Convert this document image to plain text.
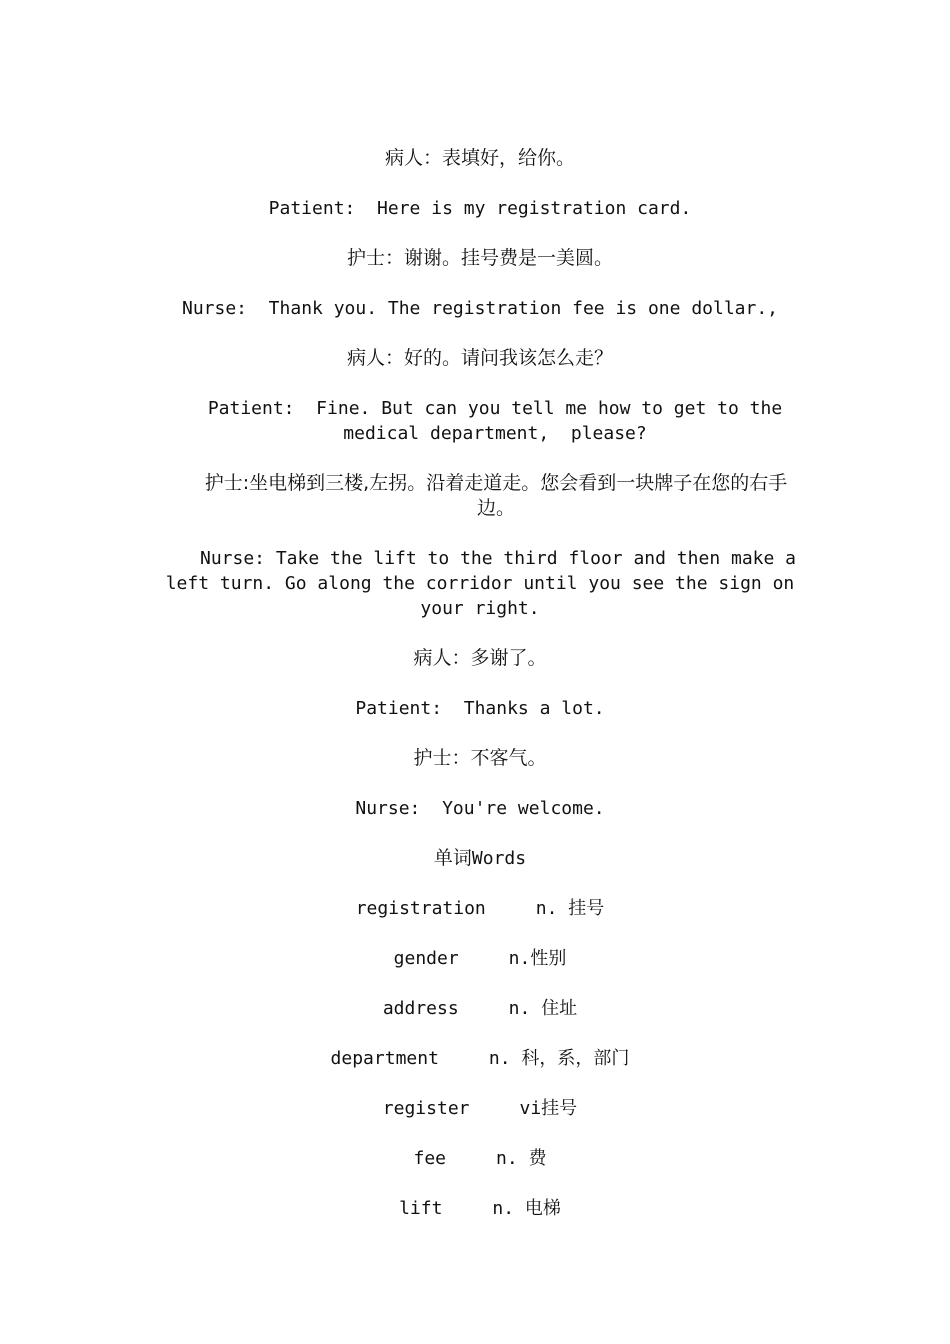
病人：表填好，给你。

Patient:  Here is my registration card.

护士：谢谢。挂号费是一美圆。

Nurse:  Thank you. The registration fee is one dollar.,

病人：好的。请问我该怎么走？

Patient:  Fine. But can you tell me how to get to the medical department,  please?

护士:坐电梯到三楼,左拐。沿着走道走。您会看到一块牌子在您的右手边。

Nurse: Take the lift to the third floor and then make a left turn. Go along the corridor until you see the sign on your right.

病人：多谢了。

Patient:  Thanks a lot.

护士：不客气。

Nurse:  You're welcome.

单词Words

registration	n. 挂号

gender	n.性别

address	n. 住址

department	n. 科，系，部门

register	vi挂号

fee	n. 费

lift	n. 电梯
